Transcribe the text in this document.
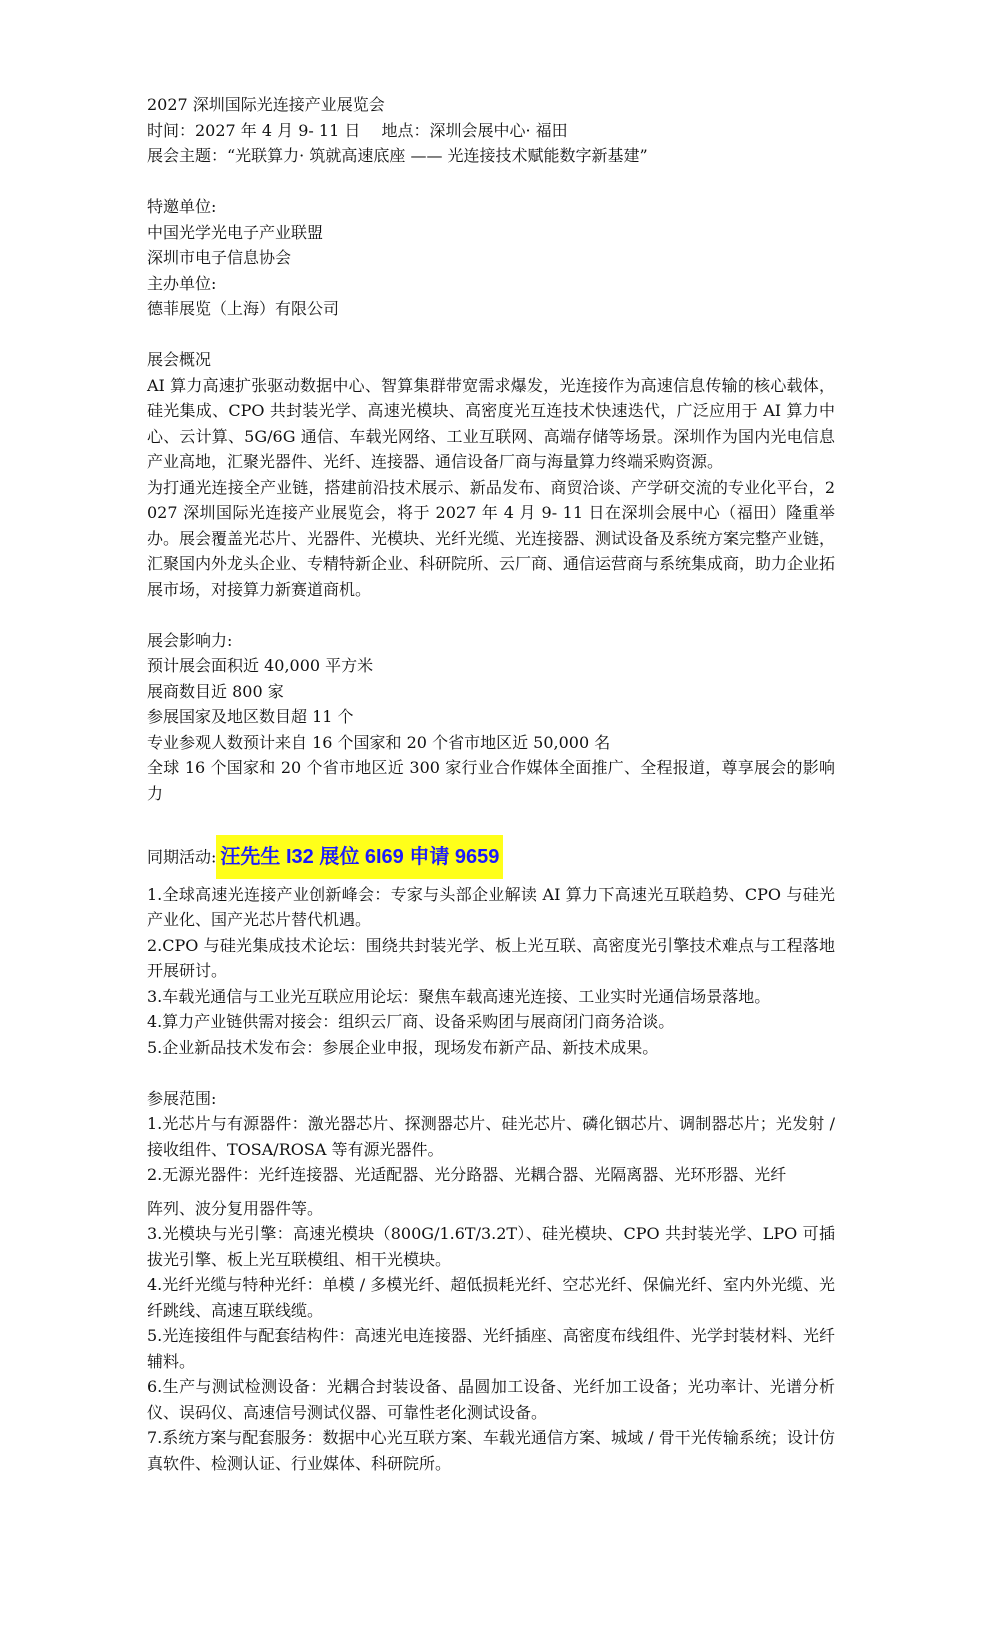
2027 深圳国际光连接产业展览会
时间：2027 年 4 月 9- 11 日　 地点：深圳会展中心· 福田
展会主题：“光联算力· 筑就高速底座 —— 光连接技术赋能数字新基建”
特邀单位:
中国光学光电子产业联盟
深圳市电子信息协会
主办单位:
德菲展览（上海）有限公司
展会概况
AI 算力高速扩张驱动数据中心、智算集群带宽需求爆发，光连接作为高速信息传输的核心载体，硅光集成、CPO 共封装光学、高速光模块、高密度光互连技术快速迭代，广泛应用于 AI 算力中心、云计算、5G/6G 通信、车载光网络、工业互联网、高端存储等场景。深圳作为国内光电信息产业高地，汇聚光器件、光纤、连接器、通信设备厂商与海量算力终端采购资源。
为打通光连接全产业链，搭建前沿技术展示、新品发布、商贸洽谈、产学研交流的专业化平台，2027 深圳国际光连接产业展览会，将于 2027 年 4 月 9- 11 日在深圳会展中心（福田）隆重举办。展会覆盖光芯片、光器件、光模块、光纤光缆、光连接器、测试设备及系统方案完整产业链，汇聚国内外龙头企业、专精特新企业、科研院所、云厂商、通信运营商与系统集成商，助力企业拓展市场，对接算力新赛道商机。
展会影响力:
预计展会面积近 40,000 平方米
展商数目近 800 家
参展国家及地区数目超 11 个
专业参观人数预计来自 16 个国家和 20 个省市地区近 50,000 名
全球 16 个国家和 20 个省市地区近 300 家行业合作媒体全面推广、全程报道，尊享展会的影响力
同期活动: 汪先生 I32 展位 6I69 申请 9659
1.全球高速光连接产业创新峰会：专家与头部企业解读 AI 算力下高速光互联趋势、CPO 与硅光产业化、国产光芯片替代机遇。
2.CPO 与硅光集成技术论坛：围绕共封装光学、板上光互联、高密度光引擎技术难点与工程落地开展研讨。
3.车载光通信与工业光互联应用论坛：聚焦车载高速光连接、工业实时光通信场景落地。
4.算力产业链供需对接会：组织云厂商、设备采购团与展商闭门商务洽谈。
5.企业新品技术发布会：参展企业申报，现场发布新产品、新技术成果。
参展范围:
1.光芯片与有源器件：激光器芯片、探测器芯片、硅光芯片、磷化铟芯片、调制器芯片；光发射 / 接收组件、TOSA/ROSA 等有源光器件。
2.无源光器件：光纤连接器、光适配器、光分路器、光耦合器、光隔离器、光环形器、光纤
阵列、波分复用器件等。
3.光模块与光引擎：高速光模块（800G/1.6T/3.2T）、硅光模块、CPO 共封装光学、LPO 可插拔光引擎、板上光互联模组、相干光模块。
4.光纤光缆与特种光纤：单模 / 多模光纤、超低损耗光纤、空芯光纤、保偏光纤、室内外光缆、光纤跳线、高速互联线缆。
5.光连接组件与配套结构件：高速光电连接器、光纤插座、高密度布线组件、光学封装材料、光纤辅料。
6.生产与测试检测设备：光耦合封装设备、晶圆加工设备、光纤加工设备；光功率计、光谱分析仪、误码仪、高速信号测试仪器、可靠性老化测试设备。
7.系统方案与配套服务：数据中心光互联方案、车载光通信方案、城域 / 骨干光传输系统；设计仿真软件、检测认证、行业媒体、科研院所。
